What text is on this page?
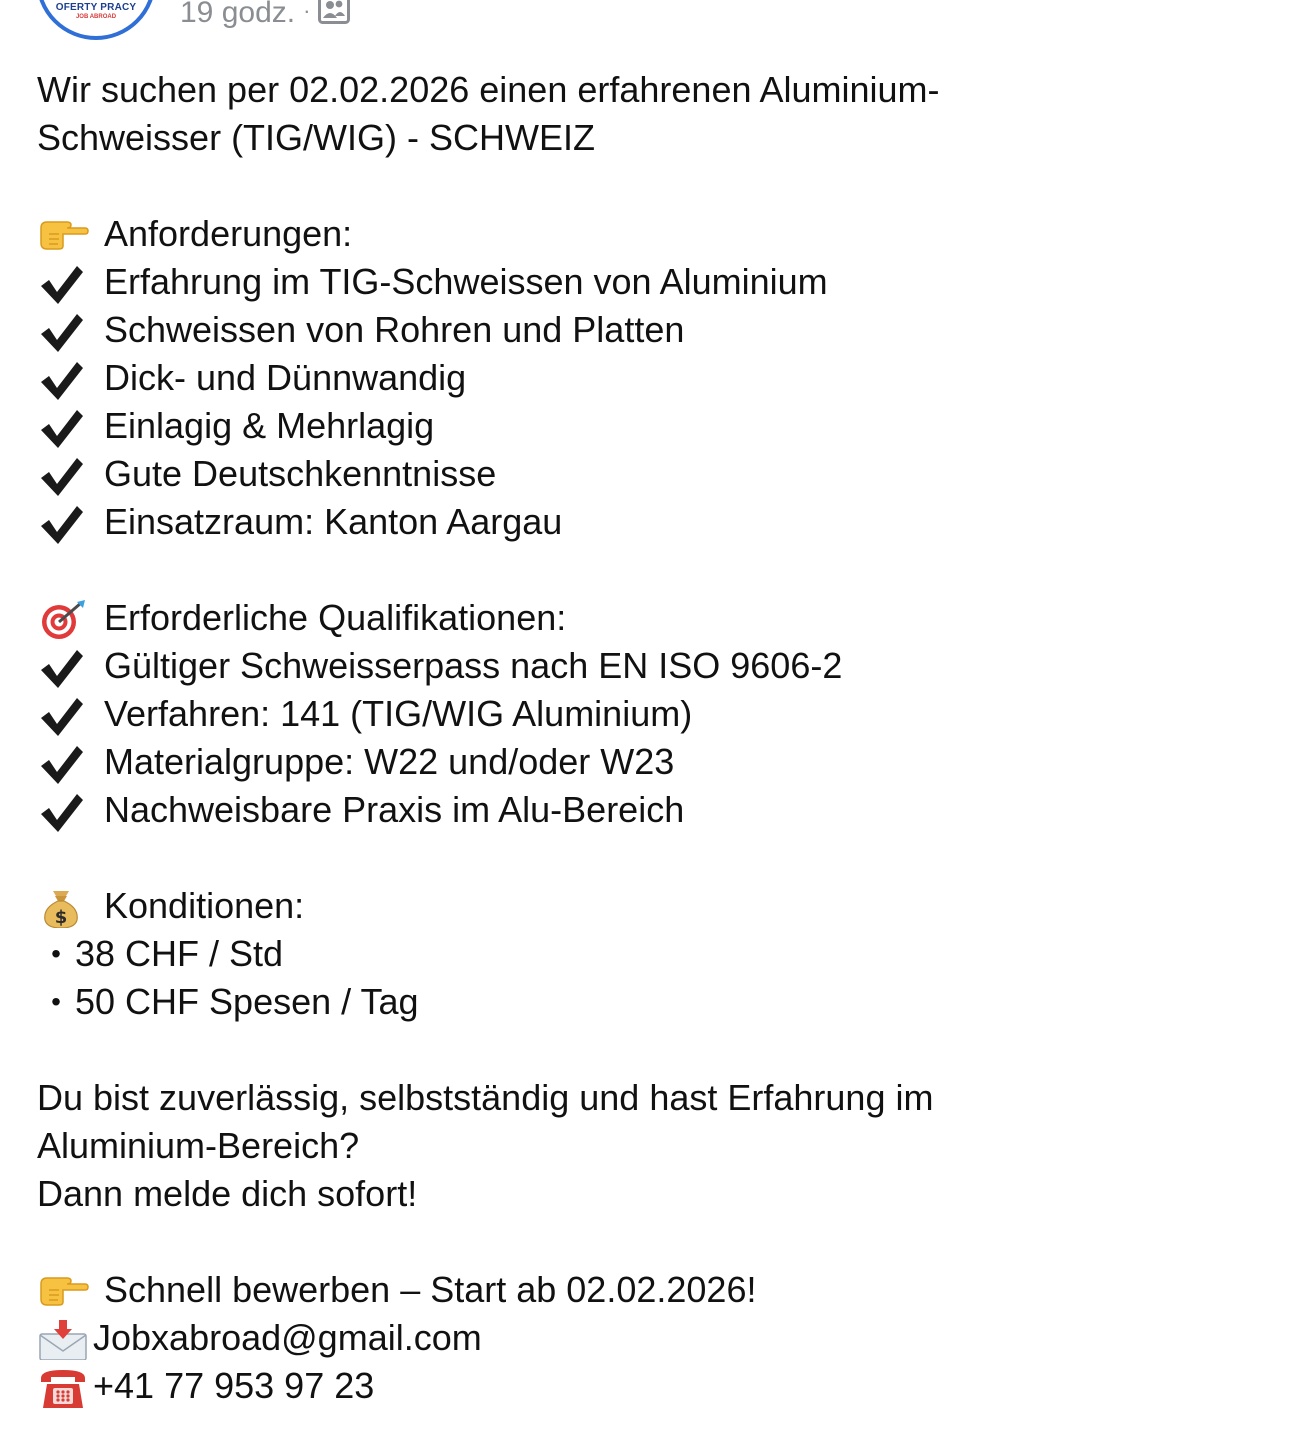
OFERTY PRACY
JOB ABROAD	19 godz. ·
Wir suchen per 02.02.2026 einen erfahrenen Aluminium-
Schweisser (TIG/WIG) - SCHWEIZ
Anforderungen:
Erfahrung im TIG-Schweissen von Aluminium
Schweissen von Rohren und Platten
Dick- und Dünnwandig
Einlagig & Mehrlagig
Gute Deutschkenntnisse
Einsatzraum: Kanton Aargau
Erforderliche Qualifikationen:
Gültiger Schweisserpass nach EN ISO 9606-2
Verfahren: 141 (TIG/WIG Aluminium)
Materialgruppe: W22 und/oder W23
Nachweisbare Praxis im Alu-Bereich
$ Konditionen:
• 38 CHF / Std
• 50 CHF Spesen / Tag
Du bist zuverlässig, selbstständig und hast Erfahrung im
Aluminium-Bereich?
Dann melde dich sofort!
Schnell bewerben – Start ab 02.02.2026!
Jobxabroad@gmail.com
+41 77 953 97 23
